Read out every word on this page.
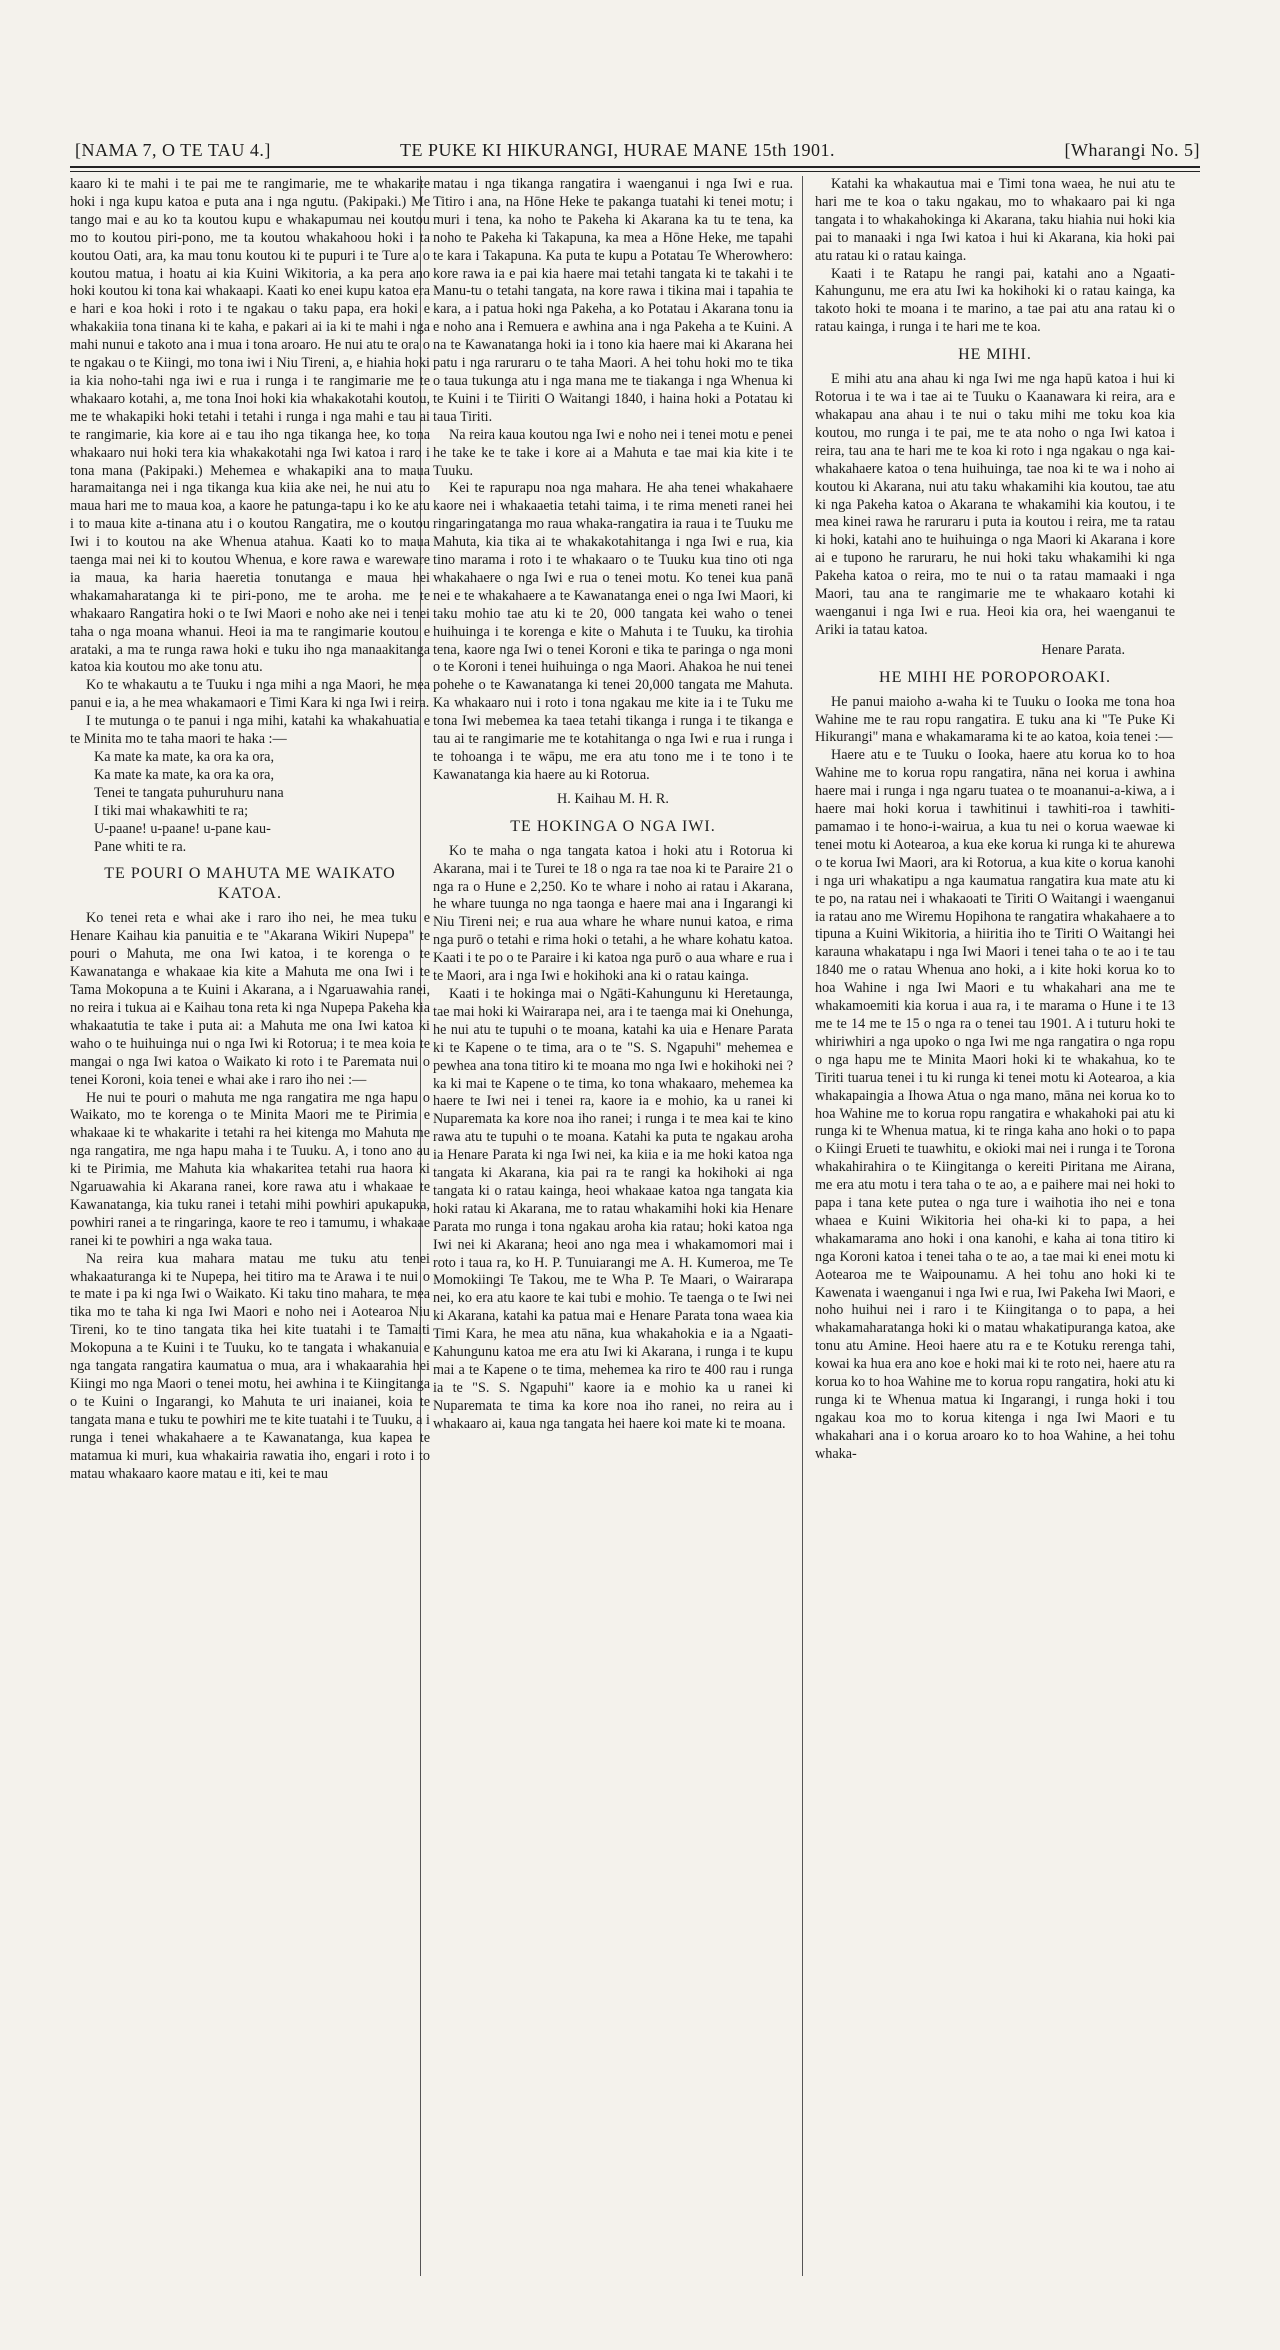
[NAMA 7, O TE TAU 4.]	TE PUKE KI HIKURANGI, HURAE MANE 15th 1901.	[Wharangi No. 5]

kaaro ki te mahi i te pai me te rangimarie, me te whakarite hoki i nga kupu katoa e puta ana i nga ngutu. (Pakipaki.) Me tango mai e au ko ta koutou kupu e whakapumau nei koutou mo to koutou piri-pono, me ta koutou whakahoou hoki i ta koutou Oati, ara, ka mau tonu koutou ki te pupuri i te Ture a o koutou matua, i hoatu ai kia Kuini Wikitoria, a ka pera ano hoki koutou ki tona kai whakaapi. Kaati ko enei kupu katoa era e hari e koa hoki i roto i te ngakau o taku papa, era hoki e whakakiia tona tinana ki te kaha, e pakari ai ia ki te mahi i nga mahi nunui e takoto ana i mua i tona aroaro. He nui atu te ora o te ngakau o te Kiingi, mo tona iwi i Niu Tireni, a, e hiahia hoki ia kia noho-tahi nga iwi e rua i runga i te rangimarie me te whakaaro kotahi, a, me tona Inoi hoki kia whakakotahi koutou, me te whakapiki hoki tetahi i tetahi i runga i nga mahi e tau ai te rangimarie, kia kore ai e tau iho nga tikanga hee, ko tona whakaaro nui hoki tera kia whakakotahi nga Iwi katoa i raro i tona mana (Pakipaki.) Mehemea e whakapiki ana to maua haramaitanga nei i nga tikanga kua kiia ake nei, he nui atu to maua hari me to maua koa, a kaore he patunga-tapu i ko ke atu i to maua kite a-tinana atu i o koutou Rangatira, me o koutou Iwi i to koutou na ake Whenua atahua. Kaati ko to maua taenga mai nei ki to koutou Whenua, e kore rawa e wareware ia maua, ka haria haeretia tonutanga e maua hei whakamaharatanga ki te piri-pono, me te aroha. me te whakaaro Rangatira hoki o te Iwi Maori e noho ake nei i tenei taha o nga moana whanui. Heoi ia ma te rangimarie koutou e arataki, a ma te runga rawa hoki e tuku iho nga manaakitanga katoa kia koutou mo ake tonu atu.

Ko te whakautu a te Tuuku i nga mihi a nga Maori, he mea panui e ia, a he mea whakamaori e Timi Kara ki nga Iwi i reira.

I te mutunga o te panui i nga mihi, katahi ka whakahuatia e te Minita mo te taha maori te haka :—

Ka mate ka mate, ka ora ka ora,

Ka mate ka mate, ka ora ka ora,

Tenei te tangata puhuruhuru nana

I tiki mai whakawhiti te ra;

U-paane! u-paane! u-pane kau-

Pane whiti te ra.

TE POURI O MAHUTA ME WAIKATO KATOA.

Ko tenei reta e whai ake i raro iho nei, he mea tuku e Henare Kaihau kia panuitia e te "Akarana Wikiri Nupepa" te pouri o Mahuta, me ona Iwi katoa, i te korenga o te Kawanatanga e whakaae kia kite a Mahuta me ona Iwi i te Tama Mokopuna a te Kuini i Akarana, a i Ngaruawahia ranei, no reira i tukua ai e Kaihau tona reta ki nga Nupepa Pakeha kia whakaatutia te take i puta ai: a Mahuta me ona Iwi katoa ki waho o te huihuinga nui o nga Iwi ki Rotorua; i te mea koia te mangai o nga Iwi katoa o Waikato ki roto i te Paremata nui o tenei Koroni, koia tenei e whai ake i raro iho nei :—

He nui te pouri o mahuta me nga rangatira me nga hapu o Waikato, mo te korenga o te Minita Maori me te Pirimia e whakaae ki te whakarite i tetahi ra hei kitenga mo Mahuta me nga rangatira, me nga hapu maha i te Tuuku. A, i tono ano au ki te Pirimia, me Mahuta kia whakaritea tetahi rua haora ki Ngaruawahia ki Akarana ranei, kore rawa atu i whakaae te Kawanatanga, kia tuku ranei i tetahi mihi powhiri apukapuka, powhiri ranei a te ringaringa, kaore te reo i tamumu, i whakaae ranei ki te powhiri a nga waka taua.

Na reira kua mahara matau me tuku atu tenei whakaaturanga ki te Nupepa, hei titiro ma te Arawa i te nui o te mate i pa ki nga Iwi o Waikato. Ki taku tino mahara, te mea tika mo te taha ki nga Iwi Maori e noho nei i Aotearoa Niu Tireni, ko te tino tangata tika hei kite tuatahi i te Tamaiti Mokopuna a te Kuini i te Tuuku, ko te tangata i whakanuia e nga tangata rangatira kaumatua o mua, ara i whakaarahia hei Kiingi mo nga Maori o tenei motu, hei awhina i te Kiingitanga o te Kuini o Ingarangi, ko Mahuta te uri inaianei, koia te tangata mana e tuku te powhiri me te kite tuatahi i te Tuuku, a i runga i tenei whakahaere a te Kawanatanga, kua kapea te matamua ki muri, kua whakairia rawatia iho, engari i roto i to matau whakaaro kaore matau e iti, kei te mau

matau i nga tikanga rangatira i waenganui i nga Iwi e rua. Titiro i ana, na Hōne Heke te pakanga tuatahi ki tenei motu; i muri i tena, ka noho te Pakeha ki Akarana ka tu te tena, ka noho te Pakeha ki Takapuna, ka mea a Hōne Heke, me tapahi te kara i Takapuna. Ka puta te kupu a Potatau Te Wherowhero: kore rawa ia e pai kia haere mai tetahi tangata ki te takahi i te Manu-tu o tetahi tangata, na kore rawa i tikina mai i tapahia te kara, a i patua hoki nga Pakeha, a ko Potatau i Akarana tonu ia e noho ana i Remuera e awhina ana i nga Pakeha a te Kuini. A na te Kawanatanga hoki ia i tono kia haere mai ki Akarana hei patu i nga raruraru o te taha Maori. A hei tohu hoki mo te tika o taua tukunga atu i nga mana me te tiakanga i nga Whenua ki te Kuini i te Tiiriti O Waitangi 1840, i haina hoki a Potatau ki taua Tiriti.

Na reira kaua koutou nga Iwi e noho nei i tenei motu e penei he take ke te take i kore ai a Mahuta e tae mai kia kite i te Tuuku.

Kei te rapurapu noa nga mahara. He aha tenei whakahaere kaore nei i whakaaetia tetahi taima, i te rima meneti ranei hei ringaringatanga mo raua whaka-rangatira ia raua i te Tuuku me Mahuta, kia tika ai te whakakotahitanga i nga Iwi e rua, kia tino marama i roto i te whakaaro o te Tuuku kua tino oti nga whakahaere o nga Iwi e rua o tenei motu. Ko tenei kua panā nei e te whakahaere a te Kawanatanga enei o nga Iwi Maori, ki taku mohio tae atu ki te 20, 000 tangata kei waho o tenei huihuinga i te korenga e kite o Mahuta i te Tuuku, ka tirohia tena, kaore nga Iwi o tenei Koroni e tika te paringa o nga moni o te Koroni i tenei huihuinga o nga Maori. Ahakoa he nui tenei pohehe o te Kawanatanga ki tenei 20,000 tangata me Mahuta. Ka whakaaro nui i roto i tona ngakau me kite ia i te Tuku me tona Iwi mebemea ka taea tetahi tikanga i runga i te tikanga e tau ai te rangimarie me te kotahitanga o nga Iwi e rua i runga i te tohoanga i te wāpu, me era atu tono me i te tono i te Kawanatanga kia haere au ki Rotorua.

H. Kaihau M. H. R.
TE HOKINGA O NGA IWI.

Ko te maha o nga tangata katoa i hoki atu i Rotorua ki Akarana, mai i te Turei te 18 o nga ra tae noa ki te Paraire 21 o nga ra o Hune e 2,250. Ko te whare i noho ai ratau i Akarana, he whare tuunga no nga taonga e haere mai ana i Ingarangi ki Niu Tireni nei; e rua aua whare he whare nunui katoa, e rima nga purō o tetahi e rima hoki o tetahi, a he whare kohatu katoa. Kaati i te po o te Paraire i ki katoa nga purō o aua whare e rua i te Maori, ara i nga Iwi e hokihoki ana ki o ratau kainga.

Kaati i te hokinga mai o Ngāti-Kahungunu ki Heretaunga, tae mai hoki ki Wairarapa nei, ara i te taenga mai ki Onehunga, he nui atu te tupuhi o te moana, katahi ka uia e Henare Parata ki te Kapene o te tima, ara o te "S. S. Ngapuhi" mehemea e pewhea ana tona titiro ki te moana mo nga Iwi e hokihoki nei ? ka ki mai te Kapene o te tima, ko tona whakaaro, mehemea ka haere te Iwi nei i tenei ra, kaore ia e mohio, ka u ranei ki Nuparemata ka kore noa iho ranei; i runga i te mea kai te kino rawa atu te tupuhi o te moana. Katahi ka puta te ngakau aroha ia Henare Parata ki nga Iwi nei, ka kiia e ia me hoki katoa nga tangata ki Akarana, kia pai ra te rangi ka hokihoki ai nga tangata ki o ratau kainga, heoi whakaae katoa nga tangata kia hoki ratau ki Akarana, me to ratau whakamihi hoki kia Henare Parata mo runga i tona ngakau aroha kia ratau; hoki katoa nga Iwi nei ki Akarana; heoi ano nga mea i whakamomori mai i roto i taua ra, ko H. P. Tunuiarangi me A. H. Kumeroa, me Te Momokiingi Te Takou, me te Wha P. Te Maari, o Wairarapa nei, ko era atu kaore te kai tubi e mohio. Te taenga o te Iwi nei ki Akarana, katahi ka patua mai e Henare Parata tona waea kia Timi Kara, he mea atu nāna, kua whakahokia e ia a Ngaati-Kahungunu katoa me era atu Iwi ki Akarana, i runga i te kupu mai a te Kapene o te tima, mehemea ka riro te 400 rau i runga ia te "S. S. Ngapuhi" kaore ia e mohio ka u ranei ki Nuparemata te tima ka kore noa iho ranei, no reira au i whakaaro ai, kaua nga tangata hei haere koi mate ki te moana.

Katahi ka whakautua mai e Timi tona waea, he nui atu te hari me te koa o taku ngakau, mo to whakaaro pai ki nga tangata i to whakahokinga ki Akarana, taku hiahia nui hoki kia pai to manaaki i nga Iwi katoa i hui ki Akarana, kia hoki pai atu ratau ki o ratau kainga.

Kaati i te Ratapu he rangi pai, katahi ano a Ngaati-Kahungunu, me era atu Iwi ka hokihoki ki o ratau kainga, ka takoto hoki te moana i te marino, a tae pai atu ana ratau ki o ratau kainga, i runga i te hari me te koa.

HE MIHI.

E mihi atu ana ahau ki nga Iwi me nga hapū katoa i hui ki Rotorua i te wa i tae ai te Tuuku o Kaanawara ki reira, ara e whakapau ana ahau i te nui o taku mihi me toku koa kia koutou, mo runga i te pai, me te ata noho o nga Iwi katoa i reira, tau ana te hari me te koa ki roto i nga ngakau o nga kai-whakahaere katoa o tena huihuinga, tae noa ki te wa i noho ai koutou ki Akarana, nui atu taku whakamihi kia koutou, tae atu ki nga Pakeha katoa o Akarana te whakamihi kia koutou, i te mea kinei rawa he raruraru i puta ia koutou i reira, me ta ratau ki hoki, katahi ano te huihuinga o nga Maori ki Akarana i kore ai e tupono he raruraru, he nui hoki taku whakamihi ki nga Pakeha katoa o reira, mo te nui o ta ratau mamaaki i nga Maori, tau ana te rangimarie me te whakaaro kotahi ki waenganui i nga Iwi e rua. Heoi kia ora, hei waenganui te Ariki ia tatau katoa.

Henare Parata.
HE MIHI HE POROPOROAKI.

He panui maioho a-waha ki te Tuuku o Iooka me tona hoa Wahine me te rau ropu rangatira. E tuku ana ki "Te Puke Ki Hikurangi" mana e whakamarama ki te ao katoa, koia tenei :—

Haere atu e te Tuuku o Iooka, haere atu korua ko to hoa Wahine me to korua ropu rangatira, nāna nei korua i awhina haere mai i runga i nga ngaru tuatea o te moananui-a-kiwa, a i haere mai hoki korua i tawhitinui i tawhiti-roa i tawhiti-pamamao i te hono-i-wairua, a kua tu nei o korua waewae ki tenei motu ki Aotearoa, a kua eke korua ki runga ki te ahurewa o te korua Iwi Maori, ara ki Rotorua, a kua kite o korua kanohi i nga uri whakatipu a nga kaumatua rangatira kua mate atu ki te po, na ratau nei i whakaoati te Tiriti O Waitangi i waenganui ia ratau ano me Wiremu Hopihona te rangatira whakahaere a to tipuna a Kuini Wikitoria, a hiiritia iho te Tiriti O Waitangi hei karauna whakatapu i nga Iwi Maori i tenei taha o te ao i te tau 1840 me o ratau Whenua ano hoki, a i kite hoki korua ko to hoa Wahine i nga Iwi Maori e tu whakahari ana me te whakamoemiti kia korua i aua ra, i te marama o Hune i te 13 me te 14 me te 15 o nga ra o tenei tau 1901. A i tuturu hoki te whiriwhiri a nga upoko o nga Iwi me nga rangatira o nga ropu o nga hapu me te Minita Maori hoki ki te whakahua, ko te Tiriti tuarua tenei i tu ki runga ki tenei motu ki Aotearoa, a kia whakapaingia a Ihowa Atua o nga mano, māna nei korua ko to hoa Wahine me to korua ropu rangatira e whakahoki pai atu ki runga ki te Whenua matua, ki te ringa kaha ano hoki o to papa o Kiingi Erueti te tuawhitu, e okioki mai nei i runga i te Torona whakahirahira o te Kiingitanga o kereiti Piritana me Airana, me era atu motu i tera taha o te ao, a e paihere mai nei hoki to papa i tana kete putea o nga ture i waihotia iho nei e tona whaea e Kuini Wikitoria hei oha-ki ki to papa, a hei whakamarama ano hoki i ona kanohi, e kaha ai tona titiro ki nga Koroni katoa i tenei taha o te ao, a tae mai ki enei motu ki Aotearoa me te Waipounamu. A hei tohu ano hoki ki te Kawenata i waenganui i nga Iwi e rua, Iwi Pakeha Iwi Maori, e noho huihui nei i raro i te Kiingitanga o to papa, a hei whakamaharatanga hoki ki o matau whakatipuranga katoa, ake tonu atu Amine. Heoi haere atu ra e te Kotuku rerenga tahi, kowai ka hua era ano koe e hoki mai ki te roto nei, haere atu ra korua ko to hoa Wahine me to korua ropu rangatira, hoki atu ki runga ki te Whenua matua ki Ingarangi, i runga hoki i tou ngakau koa mo to korua kitenga i nga Iwi Maori e tu whakahari ana i o korua aroaro ko to hoa Wahine, a hei tohu whaka-
